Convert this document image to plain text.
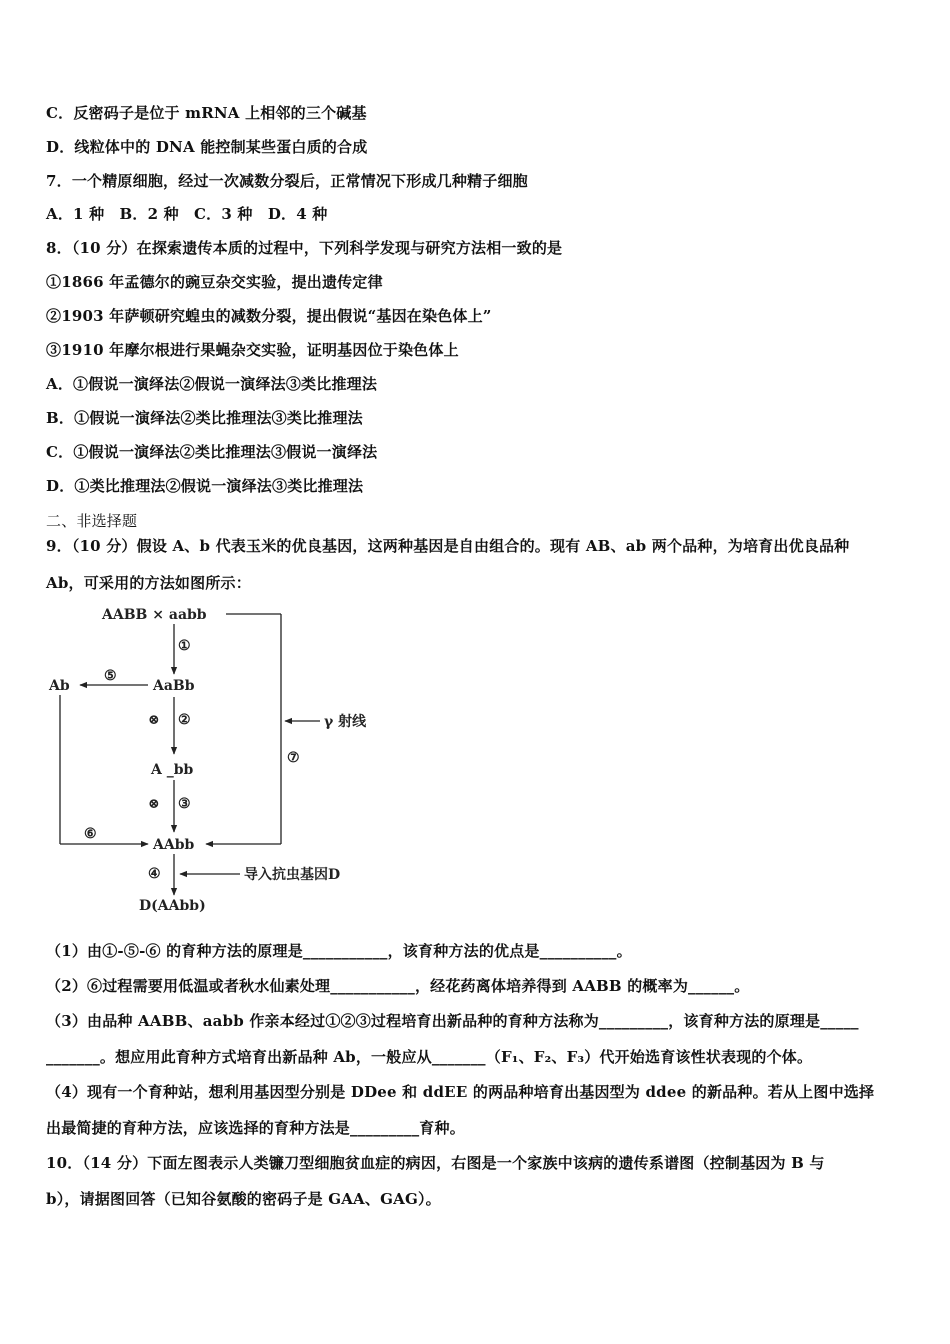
C．反密码子是位于 mRNA 上相邻的三个碱基
D．线粒体中的 DNA 能控制某些蛋白质的合成
7．一个精原细胞，经过一次减数分裂后，正常情况下形成几种精子细胞
A．1 种　B．2 种　C．3 种　D．4 种
8．（10 分）在探索遗传本质的过程中，下列科学发现与研究方法相一致的是
①1866 年孟德尔的豌豆杂交实验，提出遗传定律
②1903 年萨顿研究蝗虫的减数分裂，提出假说“基因在染色体上”
③1910 年摩尔根进行果蝇杂交实验，证明基因位于染色体上
A．①假说一演绎法②假说一演绎法③类比推理法
B．①假说一演绎法②类比推理法③类比推理法
C．①假说一演绎法②类比推理法③假说一演绎法
D．①类比推理法②假说一演绎法③类比推理法
二、非选择题
9．（10 分）假设 A、b 代表玉米的优良基因，这两种基因是自由组合的。现有 AB、ab 两个品种，为培育出优良品种
Ab，可采用的方法如图所示：
AABB × aabb
γ 射线
⑦
①
AaBb
⑤
Ab
⑥
⊗ ②
A _bb
⊗ ③
AAbb
④	导入抗虫基因D
D(AAbb)
（1）由①-⑤-⑥ 的育种方法的原理是___________，该育种方法的优点是__________。
（2）⑥过程需要用低温或者秋水仙素处理___________，经花药离体培养得到 AABB 的概率为______。
（3）由品种 AABB、aabb 作亲本经过①②③过程培育出新品种的育种方法称为_________，该育种方法的原理是_____
_______。想应用此育种方式培育出新品种 Ab，一般应从_______（F₁、F₂、F₃）代开始选育该性状表现的个体。
（4）现有一个育种站，想利用基因型分别是 DDee 和 ddEE 的两品种培育出基因型为 ddee 的新品种。若从上图中选择
出最简捷的育种方法，应该选择的育种方法是_________育种。
10．（14 分）下面左图表示人类镰刀型细胞贫血症的病因，右图是一个家族中该病的遗传系谱图（控制基因为 B 与
b），请据图回答（已知谷氨酸的密码子是 GAA、GAG）。
